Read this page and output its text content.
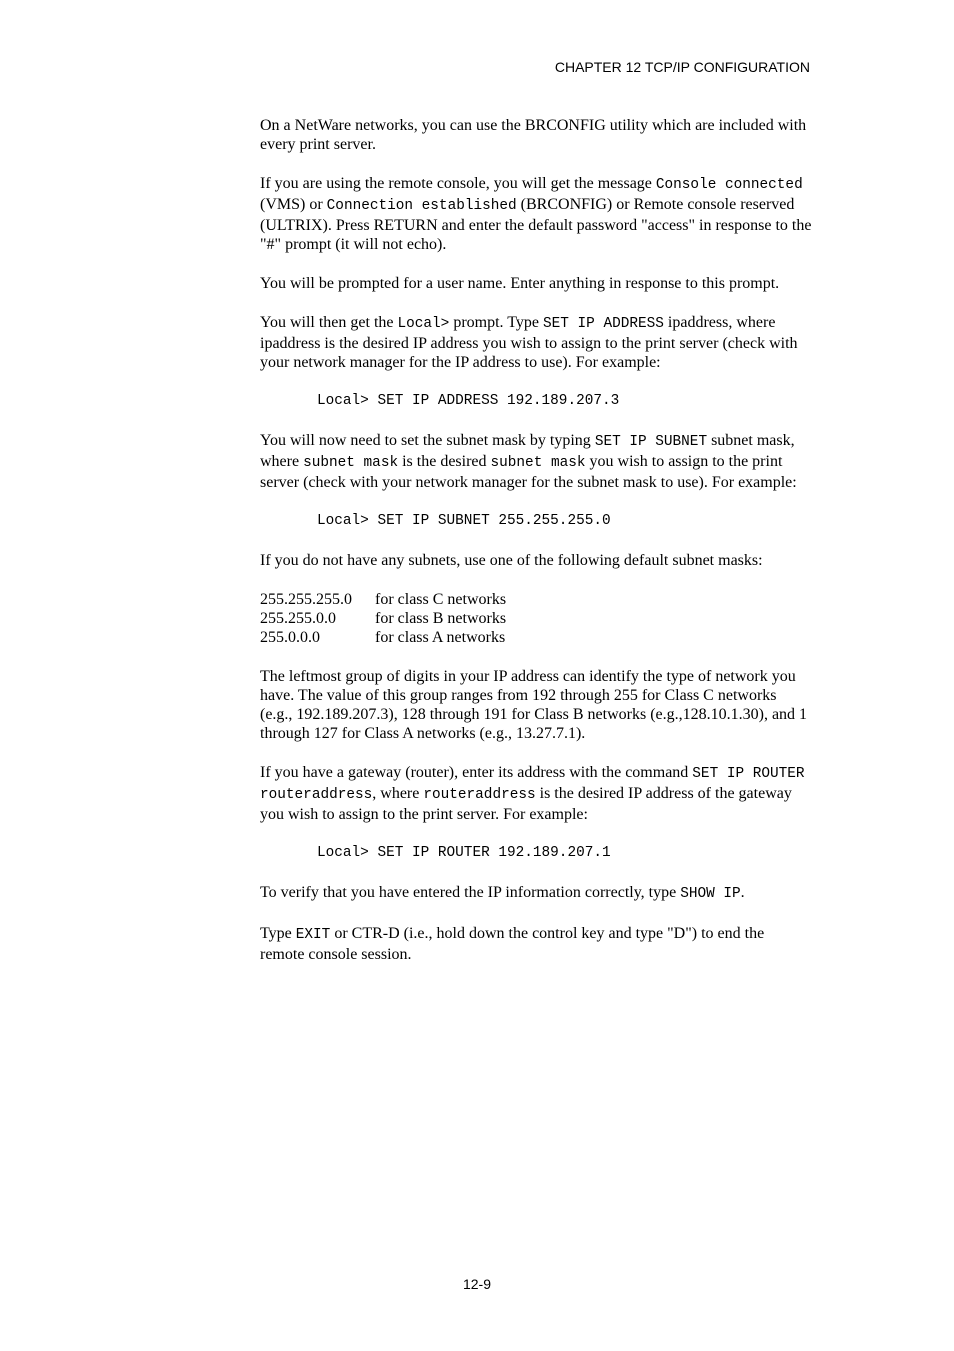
CHAPTER 12 TCP/IP CONFIGURATION

On a NetWare networks, you can use the BRCONFIG utility which are included with every print server.

If you are using the remote console, you will get the message Console connected (VMS) or Connection established (BRCONFIG) or Remote console reserved (ULTRIX). Press RETURN and enter the default password "access" in response to the "#" prompt (it will not echo).

You will be prompted for a user name. Enter anything in response to this prompt.

You will then get the Local> prompt. Type SET IP ADDRESS ipaddress, where ipaddress is the desired IP address you wish to assign to the print server (check with your network manager for the IP address to use). For example:

Local> SET IP ADDRESS 192.189.207.3

You will now need to set the subnet mask by typing SET IP SUBNET subnet mask, where subnet mask is the desired subnet mask you wish to assign to the print server (check with your network manager for the subnet mask to use). For example:

Local> SET IP SUBNET 255.255.255.0

If you do not have any subnets, use one of the following default subnet masks:

255.255.255.0	for class C networks
255.255.0.0	for class B networks
255.0.0.0	for class A networks

The leftmost group of digits in your IP address can identify the type of network you have. The value of this group ranges from 192 through 255 for Class C networks (e.g., 192.189.207.3), 128 through 191 for Class B networks (e.g.,128.10.1.30), and 1 through 127 for Class A networks (e.g., 13.27.7.1).

If you have a gateway (router), enter its address with the command SET IP ROUTER routeraddress, where routeraddress is the desired IP address of the gateway you wish to assign to the print server. For example:

Local> SET IP ROUTER 192.189.207.1

To verify that you have entered the IP information correctly, type SHOW IP.

Type EXIT or CTR-D (i.e., hold down the control key and type "D") to end the remote console session.

12-9
